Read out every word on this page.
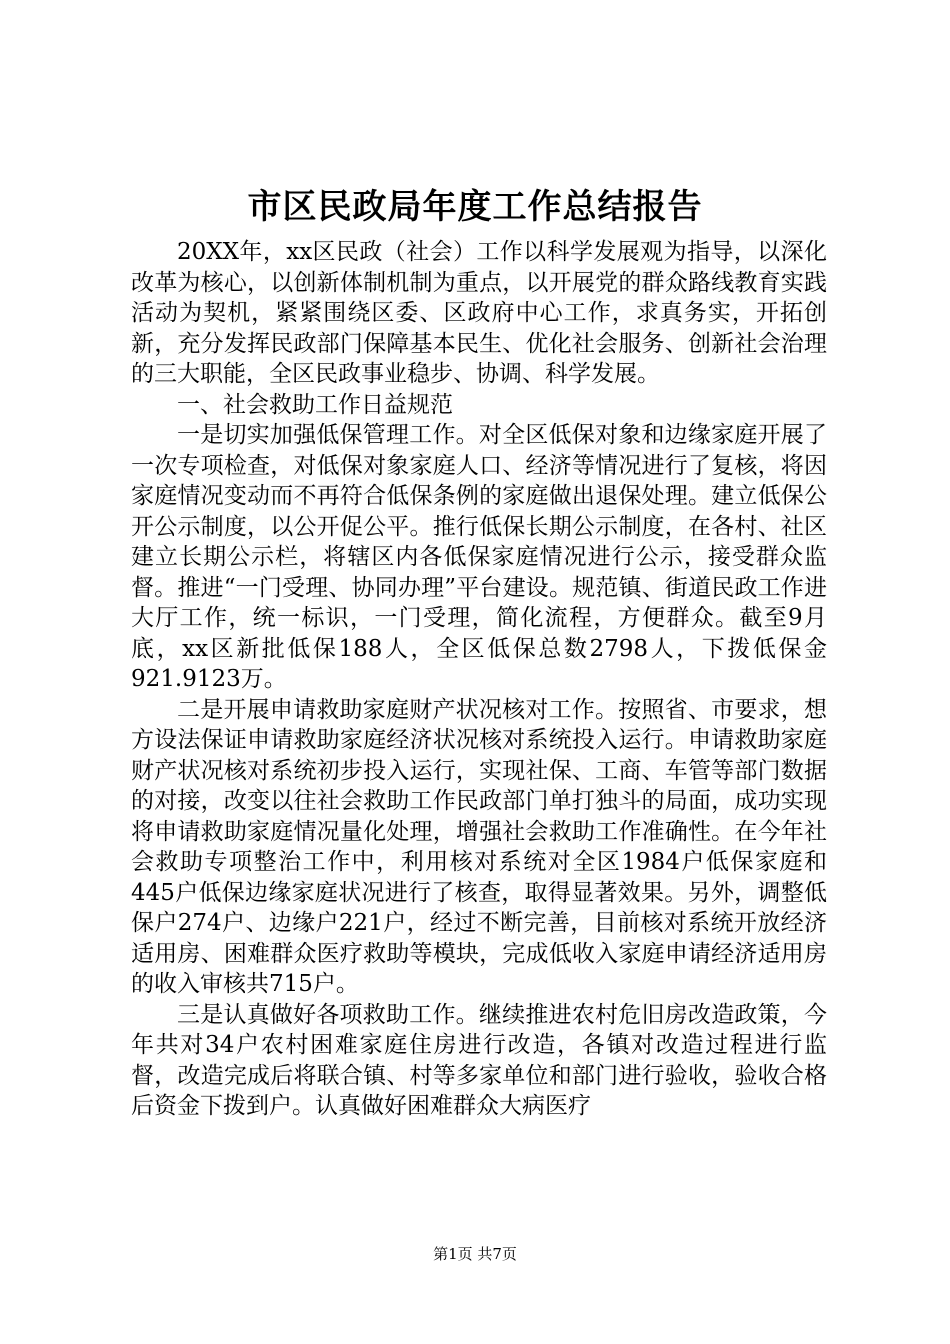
市区民政局年度工作总结报告

20XX年，xx区民政（社会）工作以科学发展观为指导，以深化改革为核心，以创新体制机制为重点，以开展党的群众路线教育实践活动为契机，紧紧围绕区委、区政府中心工作，求真务实，开拓创新，充分发挥民政部门保障基本民生、优化社会服务、创新社会治理的三大职能，全区民政事业稳步、协调、科学发展。

一、社会救助工作日益规范

一是切实加强低保管理工作。对全区低保对象和边缘家庭开展了一次专项检查，对低保对象家庭人口、经济等情况进行了复核，将因家庭情况变动而不再符合低保条例的家庭做出退保处理。建立低保公开公示制度，以公开促公平。推行低保长期公示制度，在各村、社区建立长期公示栏，将辖区内各低保家庭情况进行公示，接受群众监督。推进“一门受理、协同办理”平台建设。规范镇、街道民政工作进大厅工作，统一标识，一门受理，简化流程，方便群众。截至9月底，xx区新批低保188人，全区低保总数2798人，下拨低保金921.9123万。

二是开展申请救助家庭财产状况核对工作。按照省、市要求，想方设法保证申请救助家庭经济状况核对系统投入运行。申请救助家庭财产状况核对系统初步投入运行，实现社保、工商、车管等部门数据的对接，改变以往社会救助工作民政部门单打独斗的局面，成功实现将申请救助家庭情况量化处理，增强社会救助工作准确性。在今年社会救助专项整治工作中，利用核对系统对全区1984户低保家庭和445户低保边缘家庭状况进行了核查，取得显著效果。另外，调整低保户274户、边缘户221户，经过不断完善，目前核对系统开放经济适用房、困难群众医疗救助等模块，完成低收入家庭申请经济适用房的收入审核共715户。

三是认真做好各项救助工作。继续推进农村危旧房改造政策，今年共对34户农村困难家庭住房进行改造，各镇对改造过程进行监督，改造完成后将联合镇、村等多家单位和部门进行验收，验收合格后资金下拨到户。认真做好困难群众大病医疗

第1页 共7页
